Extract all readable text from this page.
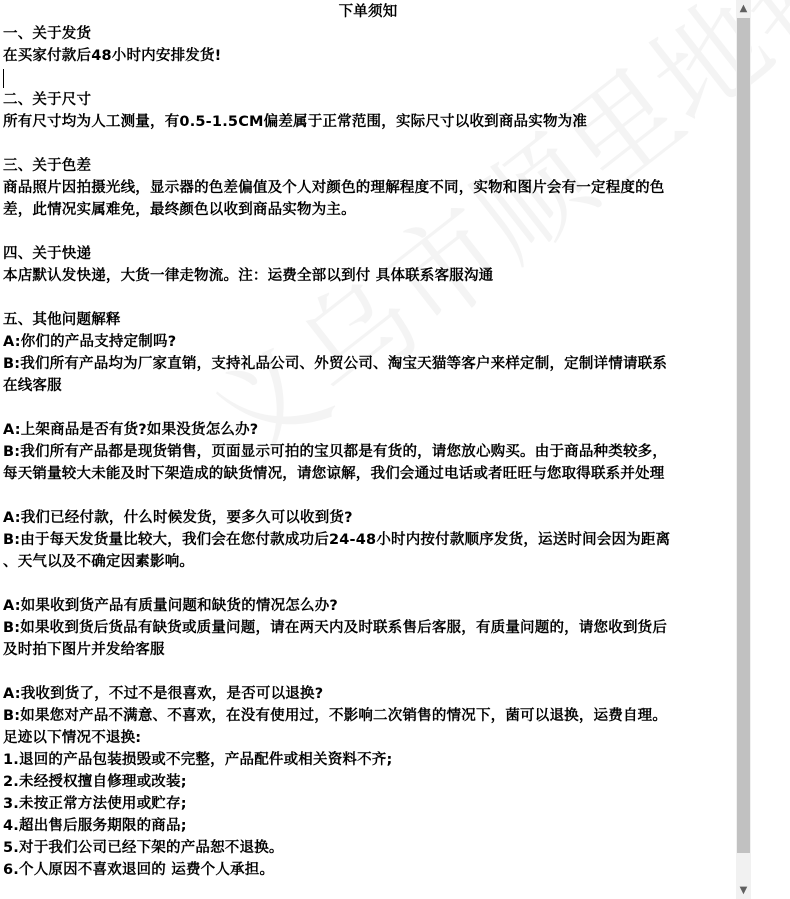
下单须知
一、关于发货
在买家付款后48小时内安排发货!
二、关于尺寸
所有尺寸均为人工测量，有0.5-1.5CM偏差属于正常范围，实际尺寸以收到商品实物为准
三、关于色差
商品照片因拍摄光线，显示器的色差偏值及个人对颜色的理解程度不同，实物和图片会有一定程度的色
差，此情况实属难免，最终颜色以收到商品实物为主。
四、关于快递
本店默认发快递，大货一律走物流。注：运费全部以到付 具体联系客服沟通
五、其他问题解释
A:你们的产品支持定制吗?
B:我们所有产品均为厂家直销，支持礼品公司、外贸公司、淘宝天猫等客户来样定制，定制详情请联系
在线客服
A:上架商品是否有货?如果没货怎么办?
B:我们所有产品都是现货销售，页面显示可拍的宝贝都是有货的，请您放心购买。由于商品种类较多，
每天销量较大未能及时下架造成的缺货情况，请您谅解，我们会通过电话或者旺旺与您取得联系并处理
A:我们已经付款，什么时候发货，要多久可以收到货?
B:由于每天发货量比较大，我们会在您付款成功后24-48小时内按付款顺序发货，运送时间会因为距离
、天气以及不确定因素影响。
A:如果收到货产品有质量问题和缺货的情况怎么办?
B:如果收到货后货品有缺货或质量问题，请在两天内及时联系售后客服，有质量问题的，请您收到货后
及时拍下图片并发给客服
A:我收到货了，不过不是很喜欢，是否可以退换?
B:如果您对产品不满意、不喜欢，在没有使用过，不影响二次销售的情况下，菌可以退换，运费自理。
足迹以下情况不退换:
1.退回的产品包装损毁或不完整，产品配件或相关资料不齐;
2.未经授权擅自修理或改装;
3.未按正常方法使用或贮存;
4.超出售后服务期限的商品;
5.对于我们公司已经下架的产品恕不退换。
6.个人原因不喜欢退回的 运费个人承担。
▲
▼
